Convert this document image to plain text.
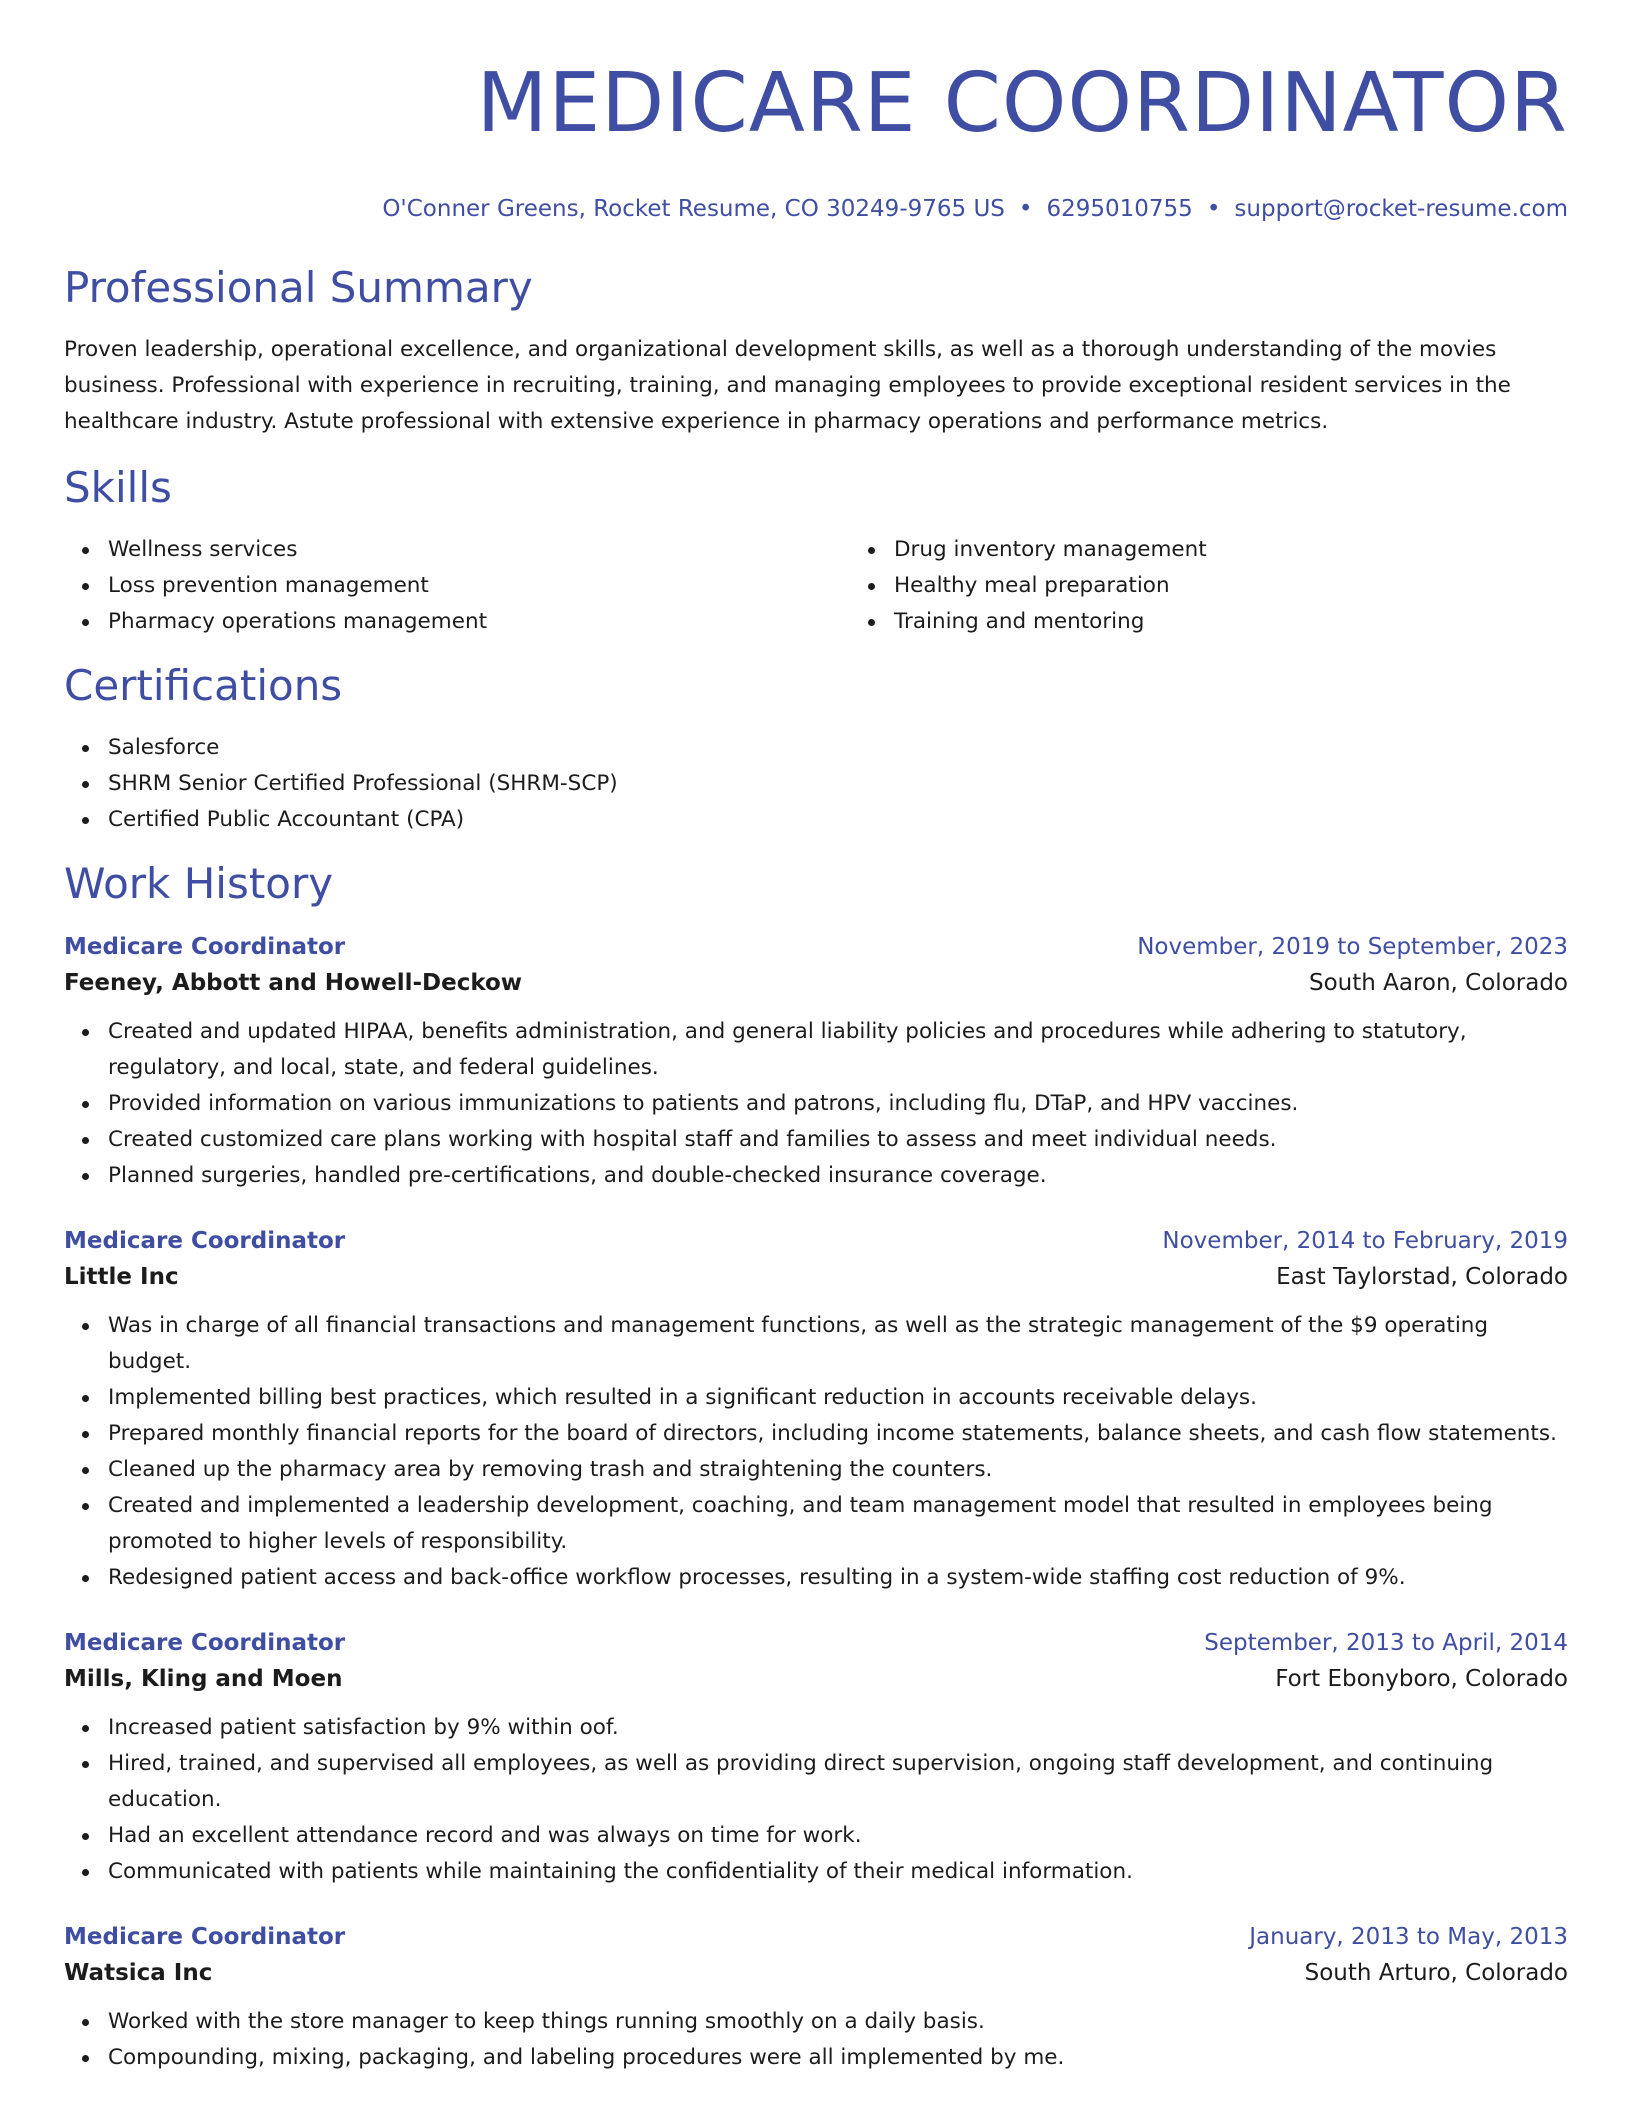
MEDICARE COORDINATOR
O'Conner Greens, Rocket Resume, CO 30249-9765 US • 6295010755 • support@rocket-resume.com
Professional Summary

Proven leadership, operational excellence, and organizational development skills, as well as a thorough understanding of the movies business. Professional with experience in recruiting, training, and managing employees to provide exceptional resident services in the healthcare industry. Astute professional with extensive experience in pharmacy operations and performance metrics.

Skills
Wellness services
Loss prevention management
Pharmacy operations management
Drug inventory management
Healthy meal preparation
Training and mentoring
Certifications
Salesforce
SHRM Senior Certified Professional (SHRM-SCP)
Certified Public Accountant (CPA)
Work History
Medicare Coordinator	November, 2019 to September, 2023
Feeney, Abbott and Howell-Deckow	South Aaron, Colorado
Created and updated HIPAA, benefits administration, and general liability policies and procedures while adhering to statutory, regulatory, and local, state, and federal guidelines.
Provided information on various immunizations to patients and patrons, including flu, DTaP, and HPV vaccines.
Created customized care plans working with hospital staff and families to assess and meet individual needs.
Planned surgeries, handled pre-certifications, and double-checked insurance coverage.
Medicare Coordinator	November, 2014 to February, 2019
Little Inc	East Taylorstad, Colorado
Was in charge of all financial transactions and management functions, as well as the strategic management of the $9 operating budget.
Implemented billing best practices, which resulted in a significant reduction in accounts receivable delays.
Prepared monthly financial reports for the board of directors, including income statements, balance sheets, and cash flow statements.
Cleaned up the pharmacy area by removing trash and straightening the counters.
Created and implemented a leadership development, coaching, and team management model that resulted in employees being promoted to higher levels of responsibility.
Redesigned patient access and back-office workflow processes, resulting in a system-wide staffing cost reduction of 9%.
Medicare Coordinator	September, 2013 to April, 2014
Mills, Kling and Moen	Fort Ebonyboro, Colorado
Increased patient satisfaction by 9% within oof.
Hired, trained, and supervised all employees, as well as providing direct supervision, ongoing staff development, and continuing education.
Had an excellent attendance record and was always on time for work.
Communicated with patients while maintaining the confidentiality of their medical information.
Medicare Coordinator	January, 2013 to May, 2013
Watsica Inc	South Arturo, Colorado
Worked with the store manager to keep things running smoothly on a daily basis.
Compounding, mixing, packaging, and labeling procedures were all implemented by me.
